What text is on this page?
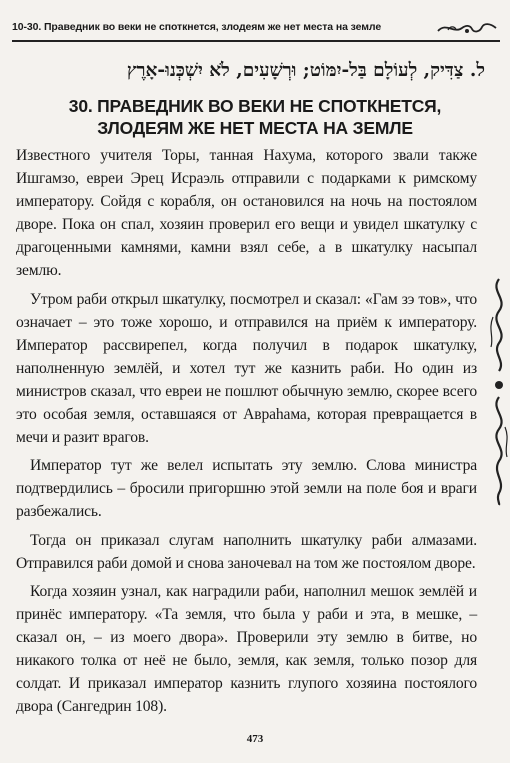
10-30. Праведник во веки не споткнется, злодеям же нет места на земле
ל. צַדִּיק, לְעוֹלָם בַּל-יִמּוֹט; וּרְשָׁעִים, לֹא יִשְׁכְּנוּ-אָרֶץ
30. ПРАВЕДНИК ВО ВЕКИ НЕ СПОТКНЕТСЯ,
ЗЛОДЕЯМ ЖЕ НЕТ МЕСТА НА ЗЕМЛЕ

Известного учителя Торы, танная Нахума, которого звали также Ишгамзо, евреи Эрец Исраэль отправили с подарками к римскому императору. Сойдя с корабля, он остановился на ночь на постоялом дворе. Пока он спал, хозяин проверил его вещи и увидел шкатулку с драгоценными камнями, камни взял себе, а в шкатулку насыпал землю.

Утром раби открыл шкатулку, посмотрел и сказал: «Гам зэ тов», что означает – это тоже хорошо, и отправился на приём к императору. Император рассвирепел, когда получил в подарок шкатулку, наполненную землёй, и хотел тут же казнить раби. Но один из министров сказал, что евреи не пошлют обычную землю, скорее всего это особая земля, оставшаяся от Авраhама, которая превращается в мечи и разит врагов.

Император тут же велел испытать эту землю. Слова министра подтвердились – бросили пригоршню этой земли на поле боя и враги разбежались.

Тогда он приказал слугам наполнить шкатулку раби алмазами. Отправился раби домой и снова заночевал на том же постоялом дворе.

Когда хозяин узнал, как наградили раби, наполнил мешок землёй и принёс императору. «Та земля, что была у раби и эта, в мешке, – сказал он, – из моего двора». Проверили эту землю в битве, но никакого толка от неё не было, земля, как земля, только позор для солдат. И приказал император казнить глупого хозяина постоялого двора (Сангедрин 108).

473
